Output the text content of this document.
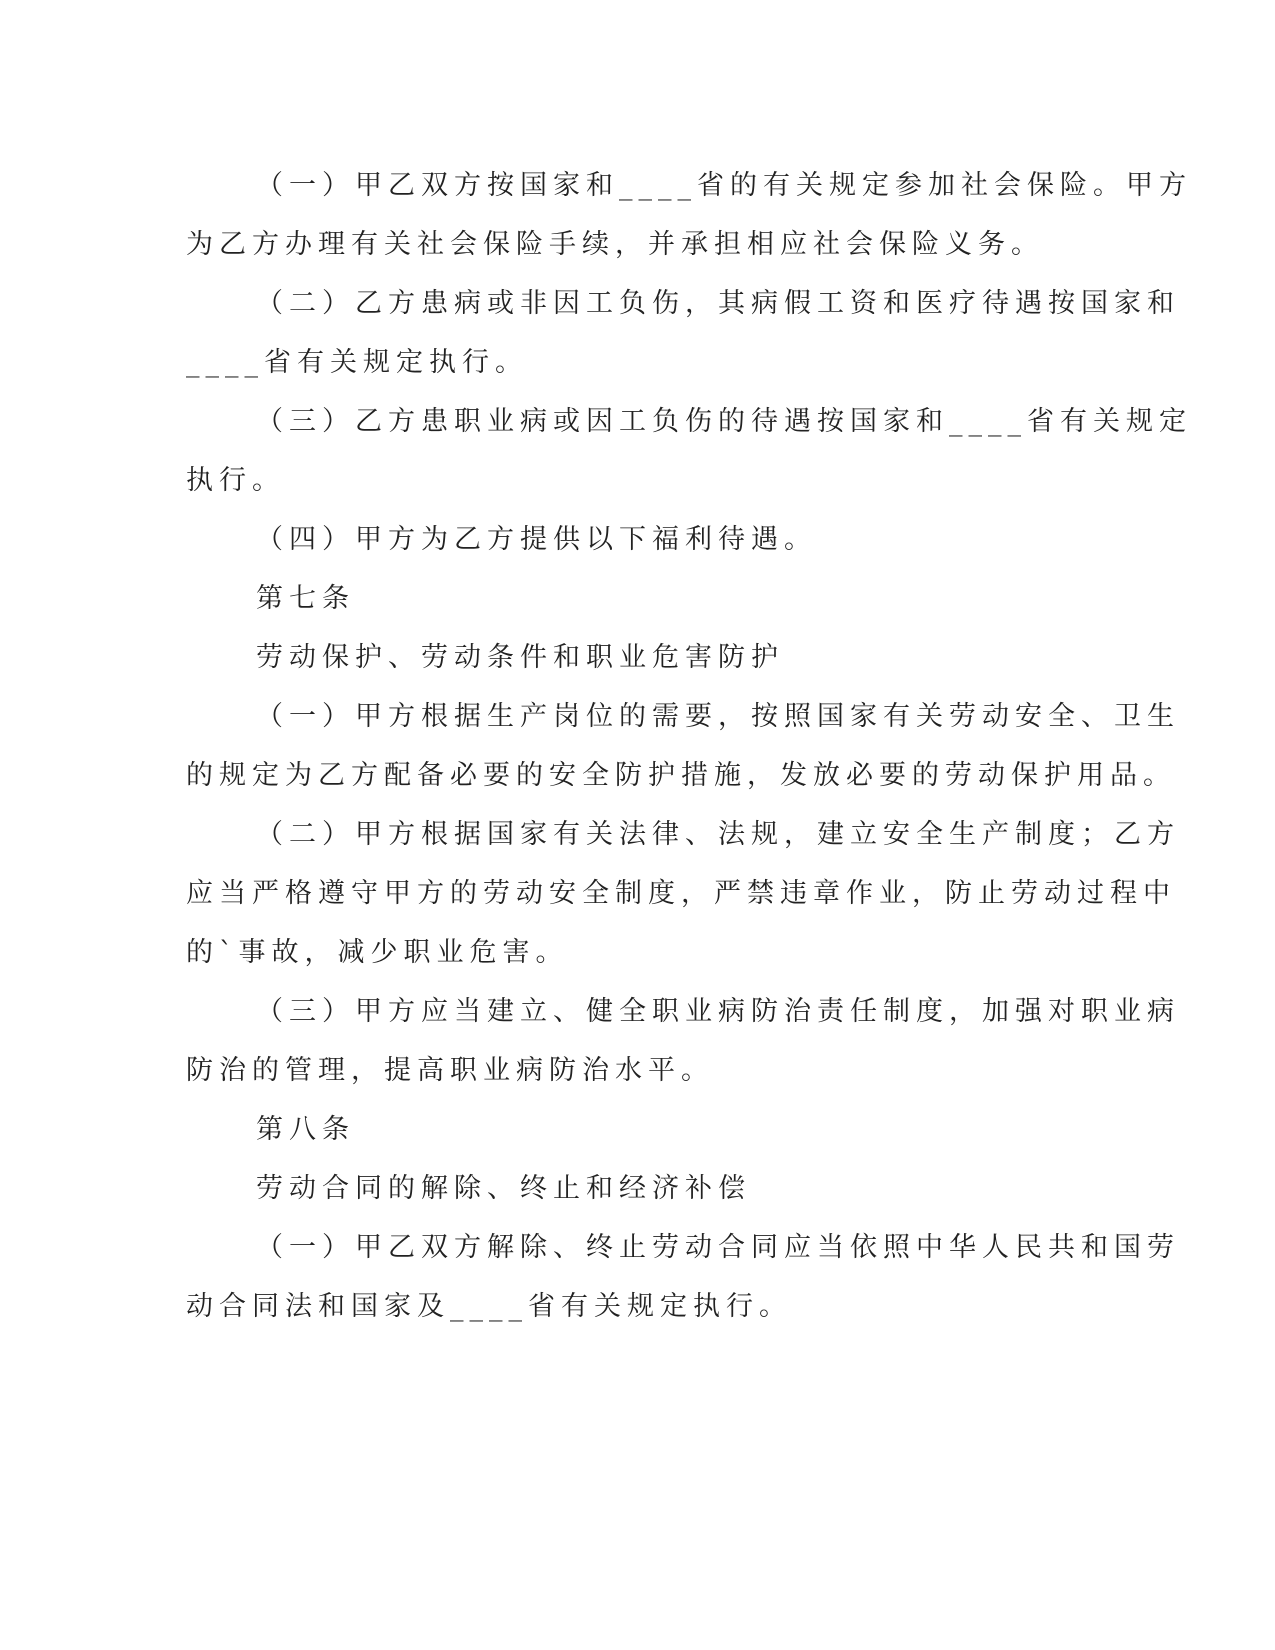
（一）甲乙双方按国家和____省的有关规定参加社会保险。甲方
为乙方办理有关社会保险手续，并承担相应社会保险义务。
（二）乙方患病或非因工负伤，其病假工资和医疗待遇按国家和
____省有关规定执行。
（三）乙方患职业病或因工负伤的待遇按国家和____省有关规定
执行。
（四）甲方为乙方提供以下福利待遇。
第七条
劳动保护、劳动条件和职业危害防护
（一）甲方根据生产岗位的需要，按照国家有关劳动安全、卫生
的规定为乙方配备必要的安全防护措施，发放必要的劳动保护用品。
（二）甲方根据国家有关法律、法规，建立安全生产制度；乙方
应当严格遵守甲方的劳动安全制度，严禁违章作业，防止劳动过程中
的`事故，减少职业危害。
（三）甲方应当建立、健全职业病防治责任制度，加强对职业病
防治的管理，提高职业病防治水平。
第八条
劳动合同的解除、终止和经济补偿
（一）甲乙双方解除、终止劳动合同应当依照中华人民共和国劳
动合同法和国家及____省有关规定执行。
